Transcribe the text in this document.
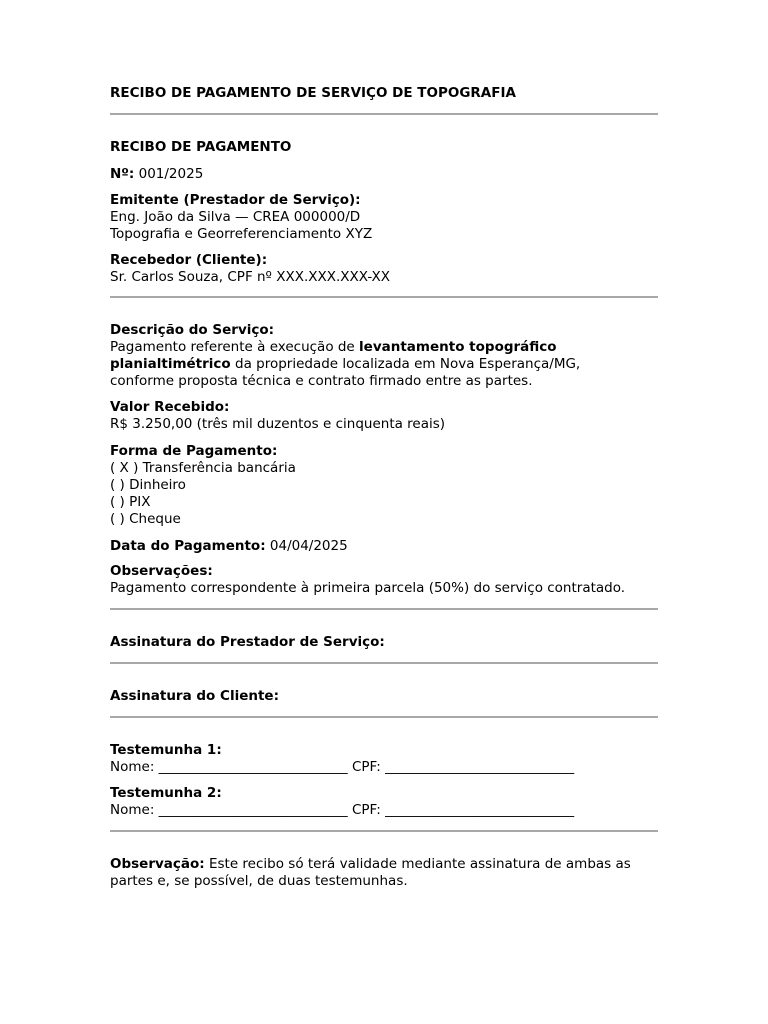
RECIBO DE PAGAMENTO DE SERVIÇO DE TOPOGRAFIA
RECIBO DE PAGAMENTO
Nº: 001/2025
Emitente (Prestador de Serviço):
Eng. João da Silva — CREA 000000/D
Topografia e Georreferenciamento XYZ
Recebedor (Cliente):
Sr. Carlos Souza, CPF nº XXX.XXX.XXX-XX
Descrição do Serviço:
Pagamento referente à execução de levantamento topográfico
planialtimétrico da propriedade localizada em Nova Esperança/MG,
conforme proposta técnica e contrato firmado entre as partes.
Valor Recebido:
R$ 3.250,00 (três mil duzentos e cinquenta reais)
Forma de Pagamento:
( X ) Transferência bancária
( ) Dinheiro
( ) PIX
( ) Cheque
Data do Pagamento: 04/04/2025
Observações:
Pagamento correspondente à primeira parcela (50%) do serviço contratado.
Assinatura do Prestador de Serviço:
Assinatura do Cliente:
Testemunha 1:
Nome: ____________________________ CPF: ____________________________
Testemunha 2:
Nome: ____________________________ CPF: ____________________________
Observação: Este recibo só terá validade mediante assinatura de ambas as
partes e, se possível, de duas testemunhas.
